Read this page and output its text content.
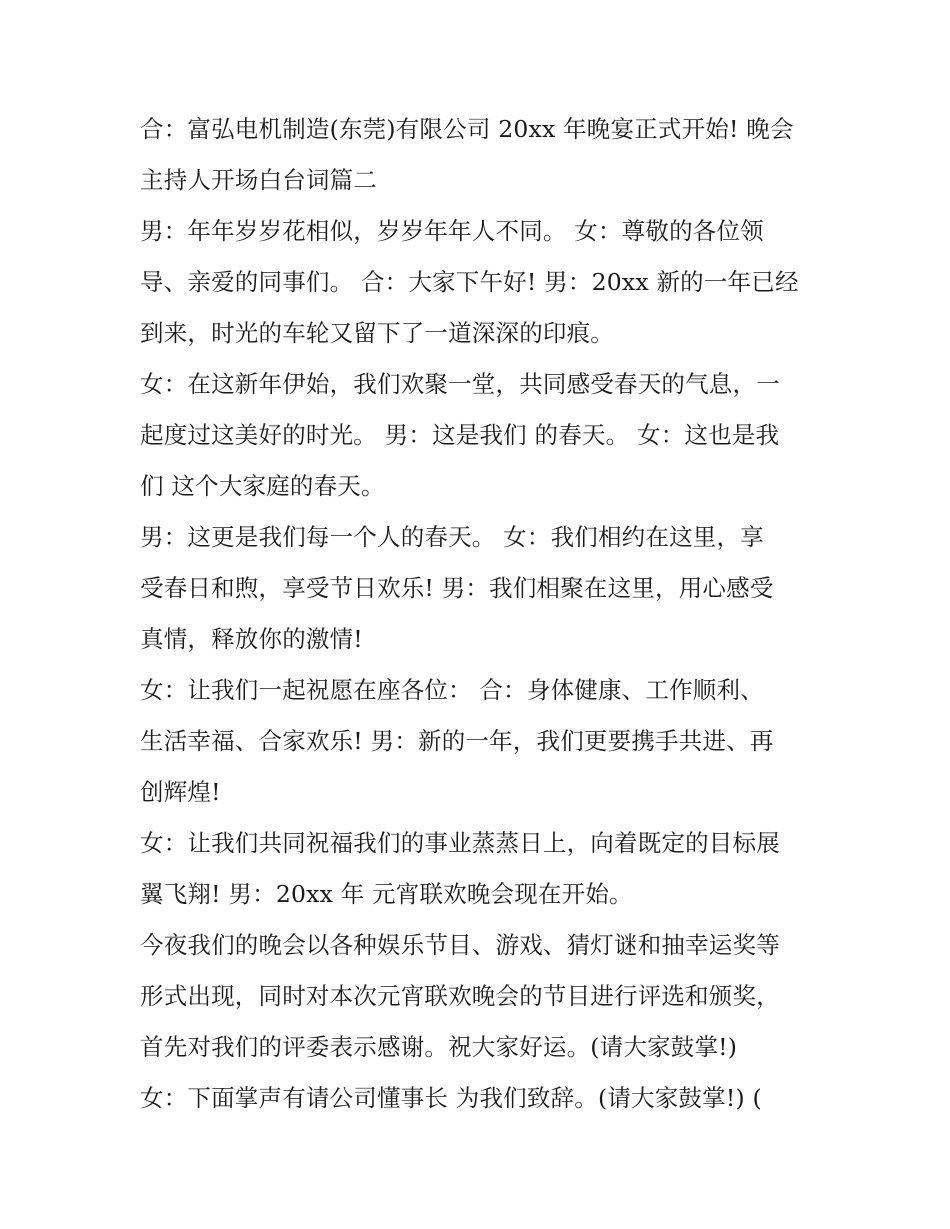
合：富弘电机制造(东莞)有限公司 20xx 年晚宴正式开始! 晚会
主持人开场白台词篇二
男：年年岁岁花相似，岁岁年年人不同。 女：尊敬的各位领
导、亲爱的同事们。 合：大家下午好! 男：20xx 新的一年已经
到来，时光的车轮又留下了一道深深的印痕。
女：在这新年伊始，我们欢聚一堂，共同感受春天的气息，一
起度过这美好的时光。 男：这是我们 的春天。 女：这也是我
们 这个大家庭的春天。
男：这更是我们每一个人的春天。 女：我们相约在这里，享
受春日和煦，享受节日欢乐! 男：我们相聚在这里，用心感受
真情，释放你的激情!
女：让我们一起祝愿在座各位： 合：身体健康、工作顺利、
生活幸福、合家欢乐! 男：新的一年，我们更要携手共进、再
创辉煌!
女：让我们共同祝福我们的事业蒸蒸日上，向着既定的目标展
翼飞翔! 男：20xx 年 元宵联欢晚会现在开始。
今夜我们的晚会以各种娱乐节目、游戏、猜灯谜和抽幸运奖等
形式出现，同时对本次元宵联欢晚会的节目进行评选和颁奖，
首先对我们的评委表示感谢。祝大家好运。(请大家鼓掌!)
女：下面掌声有请公司懂事长 为我们致辞。(请大家鼓掌!) (
